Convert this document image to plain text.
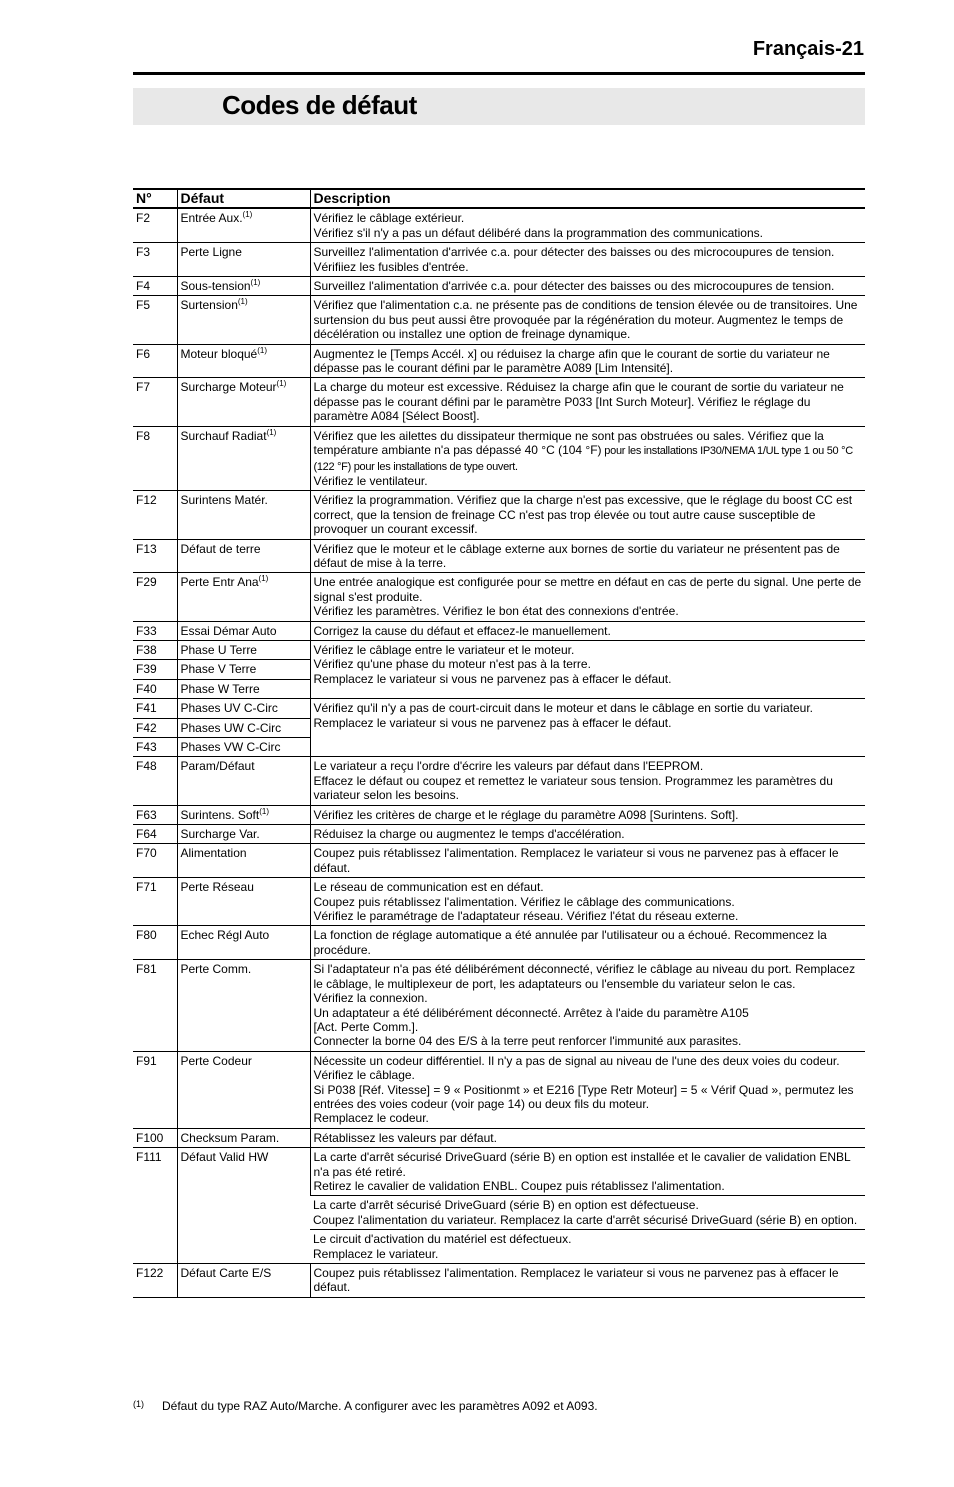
Français-21
Codes de défaut
N°	Défaut	Description
F2	Entrée Aux.$^{(1)}$	Vérifiez le câblage extérieur.
Vérifiez s'il n'y a pas un défaut délibéré dans la programmation des communications.

F3	Perte Ligne	Surveillez l'alimentation d'arrivée c.a. pour détecter des baisses ou des microcoupures de tension.
Vérifiiez les fusibles d'entrée.

F4	Sous-tension$^{(1)}$	Surveillez l'alimentation d'arrivée c.a. pour détecter des baisses ou des microcoupures de tension.

F5	Surtension$^{(1)}$	Vérifiez que l'alimentation c.a. ne présente pas de conditions de tension élevée ou de transitoires. Une surtension du bus peut aussi être provoquée par la régénération du moteur. Augmentez le temps de décélération ou installez une option de freinage dynamique.

F6	Moteur bloqué$^{(1)}$	Augmentez le [Temps Accél. x] ou réduisez la charge afin que le courant de sortie du variateur ne dépasse pas le courant défini par le paramètre A089 [Lim Intensité].

F7	Surcharge Moteur$^{(1)}$	La charge du moteur est excessive. Réduisez la charge afin que le courant de sortie du variateur ne dépasse pas le courant défini par le paramètre P033 [Int Surch Moteur]. Vérifiez le réglage du paramètre A084 [Sélect Boost].

F8	Surchauf Radiat$^{(1)}$	Vérifiez que les ailettes du dissipateur thermique ne sont pas obstruées ou sales. Vérifiez que la température ambiante n'a pas dépassé 40 °C (104 °F) pour les installations IP30/NEMA 1/UL type 1 ou 50 °C (122 °F) pour les installations de type ouvert.
Vérifiez le ventilateur.

F12	Surintens Matér.	Vérifiez la programmation. Vérifiez que la charge n'est pas excessive, que le réglage du boost CC est correct, que la tension de freinage CC n'est pas trop élevée ou tout autre cause susceptible de provoquer un courant excessif.

F13	Défaut de terre	Vérifiez que le moteur et le câblage externe aux bornes de sortie du variateur ne présentent pas de défaut de mise à la terre.

F29	Perte Entr Ana$^{(1)}$	Une entrée analogique est configurée pour se mettre en défaut en cas de perte du signal. Une perte de signal s'est produite.
Vérifiez les paramètres. Vérifiez le bon état des connexions d'entrée.

F33	Essai Démar Auto	Corrigez la cause du défaut et effacez-le manuellement.

F38	Phase U Terre	Vérifiez le câblage entre le variateur et le moteur.
Vérifiez qu'une phase du moteur n'est pas à la terre.
Remplacez le variateur si vous ne parvenez pas à effacer le défaut.

F39	Phase V Terre	
F40	Phase W Terre	
F41	Phases UV C-Circ	Vérifiez qu'il n'y a pas de court-circuit dans le moteur et dans le câblage en sortie du variateur.
Remplacez le variateur si vous ne parvenez pas à effacer le défaut.

F42	Phases UW C-Circ	
F43	Phases VW C-Circ	
F48	Param/Défaut	Le variateur a reçu l'ordre d'écrire les valeurs par défaut dans l'EEPROM.
Effacez le défaut ou coupez et remettez le variateur sous tension. Programmez les paramètres du variateur selon les besoins.

F63	Surintens. Soft$^{(1)}$	Vérifiez les critères de charge et le réglage du paramètre A098 [Surintens. Soft].

F64	Surcharge Var.	Réduisez la charge ou augmentez le temps d'accélération.

F70	Alimentation	Coupez puis rétablissez l'alimentation. Remplacez le variateur si vous ne parvenez pas à effacer le défaut.

F71	Perte Réseau	Le réseau de communication est en défaut.
Coupez puis rétablissez l'alimentation. Vérifiez le câblage des communications.
Vérifiez le paramétrage de l'adaptateur réseau. Vérifiez l'état du réseau externe.

F80	Echec Régl Auto	La fonction de réglage automatique a été annulée par l'utilisateur ou a échoué. Recommencez la procédure.

F81	Perte Comm.	Si l'adaptateur n'a pas été délibérément déconnecté, vérifiez le câblage au niveau du port. Remplacez le câblage, le multiplexeur de port, les adaptateurs ou l'ensemble du variateur selon le cas.
Vérifiez la connexion.
Un adaptateur a été délibérément déconnecté. Arrêtez à l'aide du paramètre A105
[Act. Perte Comm.].
Connecter la borne 04 des E/S à la terre peut renforcer l'immunité aux parasites.

F91	Perte Codeur	Nécessite un codeur différentiel. Il n'y a pas de signal au niveau de l'une des deux voies du codeur. Vérifiez le câblage.
Si P038 [Réf. Vitesse] = 9 « Positionmt » et E216 [Type Retr Moteur] = 5 « Vérif Quad », permutez les entrées des voies codeur (voir page 14) ou deux fils du moteur.
Remplacez le codeur.

F100	Checksum Param.	Rétablissez les valeurs par défaut.

F111	Défaut Valid HW	La carte d'arrêt sécurisé DriveGuard (série B) en option est installée et le cavalier de validation ENBL n'a pas été retiré.
Retirez le cavalier de validation ENBL. Coupez puis rétablissez l'alimentation.

		La carte d'arrêt sécurisé DriveGuard (série B) en option est défectueuse.
Coupez l'alimentation du variateur. Remplacez la carte d'arrêt sécurisé DriveGuard (série B) en option.

		Le circuit d'activation du matériel est défectueux.
Remplacez le variateur.

F122	Défaut Carte E/S	Coupez puis rétablissez l'alimentation. Remplacez le variateur si vous ne parvenez pas à effacer le défaut.
$^{(1)}$ Défaut du type RAZ Auto/Marche. A configurer avec les paramètres A092 et A093.
